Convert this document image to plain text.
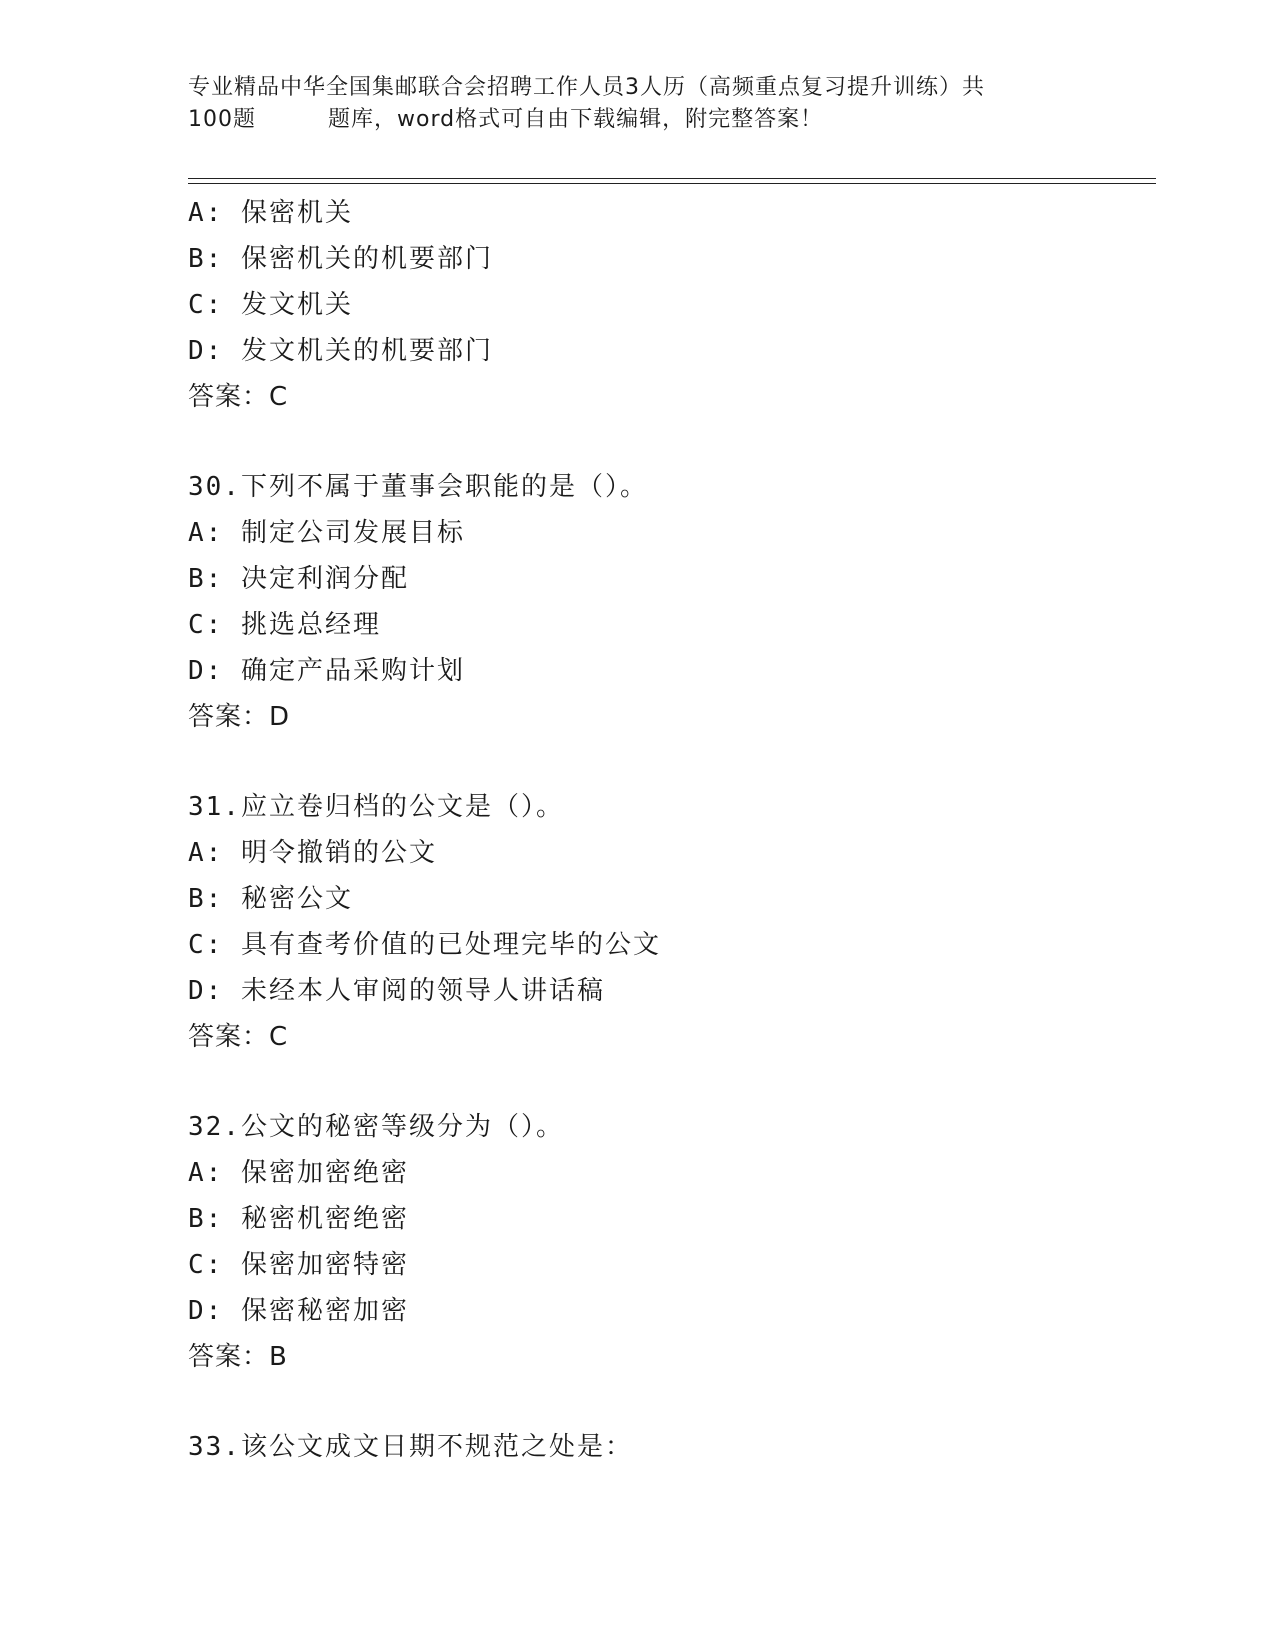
专业精品中华全国集邮联合会招聘工作人员3人历（高频重点复习提升训练）共
100题	题库，word格式可自由下载编辑，附完整答案！
A: 保密机关
B: 保密机关的机要部门
C: 发文机关
D: 发文机关的机要部门
答案：C
30.下列不属于董事会职能的是（）。
A: 制定公司发展目标
B: 决定利润分配
C: 挑选总经理
D: 确定产品采购计划
答案：D
31.应立卷归档的公文是（）。
A: 明令撤销的公文
B: 秘密公文
C: 具有查考价值的已处理完毕的公文
D: 未经本人审阅的领导人讲话稿
答案：C
32.公文的秘密等级分为（）。
A: 保密加密绝密
B: 秘密机密绝密
C: 保密加密特密
D: 保密秘密加密
答案：B
33.该公文成文日期不规范之处是：
